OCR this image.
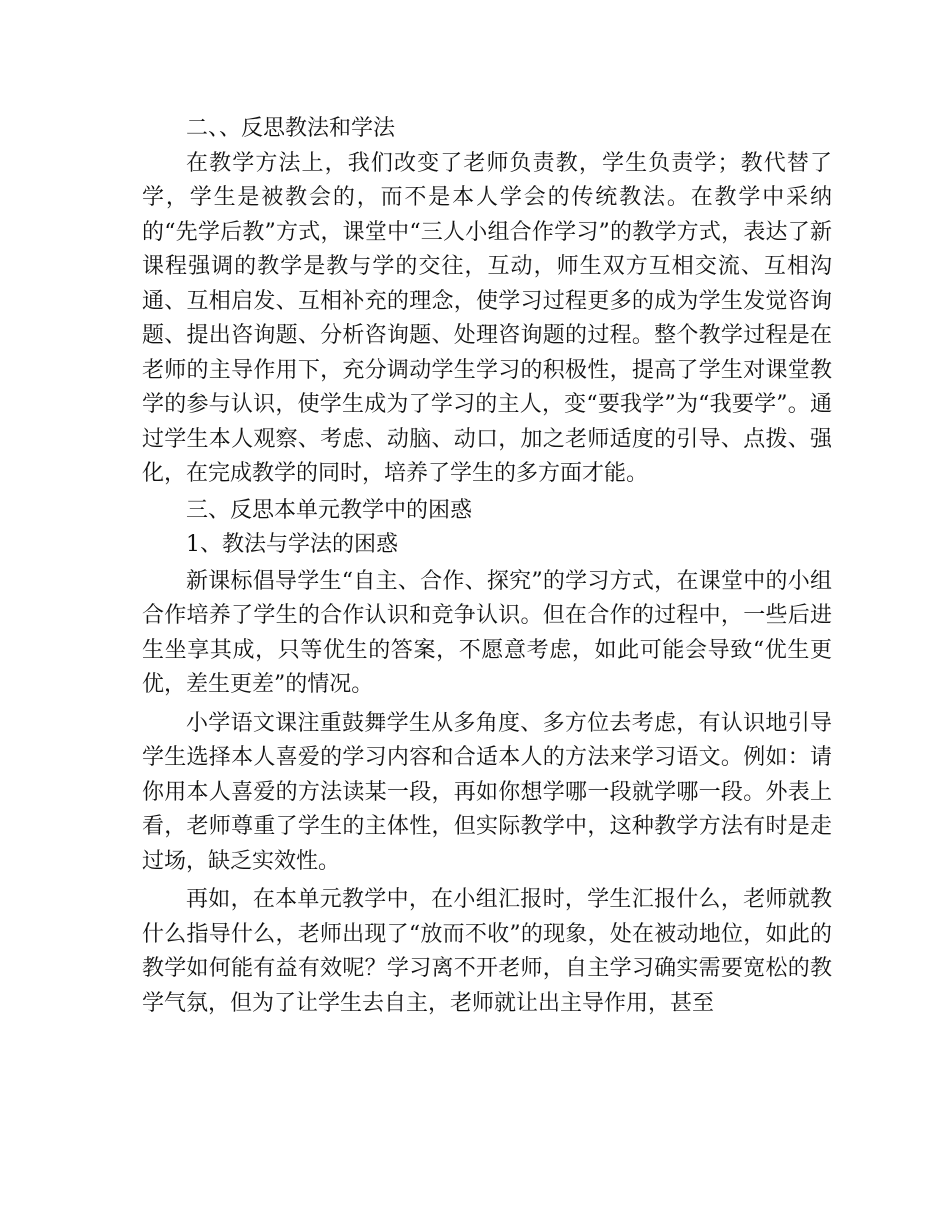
二、、反思教法和学法

在教学方法上，我们改变了老师负责教，学生负责学；教代替了学，学生是被教会的，而不是本人学会的传统教法。在教学中采纳的“先学后教”方式，课堂中“三人小组合作学习”的教学方式，表达了新课程强调的教学是教与学的交往，互动，师生双方互相交流、互相沟通、互相启发、互相补充的理念，使学习过程更多的成为学生发觉咨询题、提出咨询题、分析咨询题、处理咨询题的过程。整个教学过程是在老师的主导作用下，充分调动学生学习的积极性，提高了学生对课堂教学的参与认识，使学生成为了学习的主人，变“要我学”为“我要学”。通过学生本人观察、考虑、动脑、动口，加之老师适度的引导、点拨、强化，在完成教学的同时，培养了学生的多方面才能。

三、反思本单元教学中的困惑

1、教法与学法的困惑

新课标倡导学生“自主、合作、探究”的学习方式，在课堂中的小组合作培养了学生的合作认识和竞争认识。但在合作的过程中，一些后进生坐享其成，只等优生的答案，不愿意考虑，如此可能会导致“优生更优，差生更差”的情况。

小学语文课注重鼓舞学生从多角度、多方位去考虑，有认识地引导学生选择本人喜爱的学习内容和合适本人的方法来学习语文。例如：请你用本人喜爱的方法读某一段，再如你想学哪一段就学哪一段。外表上看，老师尊重了学生的主体性，但实际教学中，这种教学方法有时是走过场，缺乏实效性。

再如，在本单元教学中，在小组汇报时，学生汇报什么，老师就教什么指导什么，老师出现了“放而不收”的现象，处在被动地位，如此的教学如何能有益有效呢？学习离不开老师，自主学习确实需要宽松的教学气氛，但为了让学生去自主，老师就让出主导作用，甚至
